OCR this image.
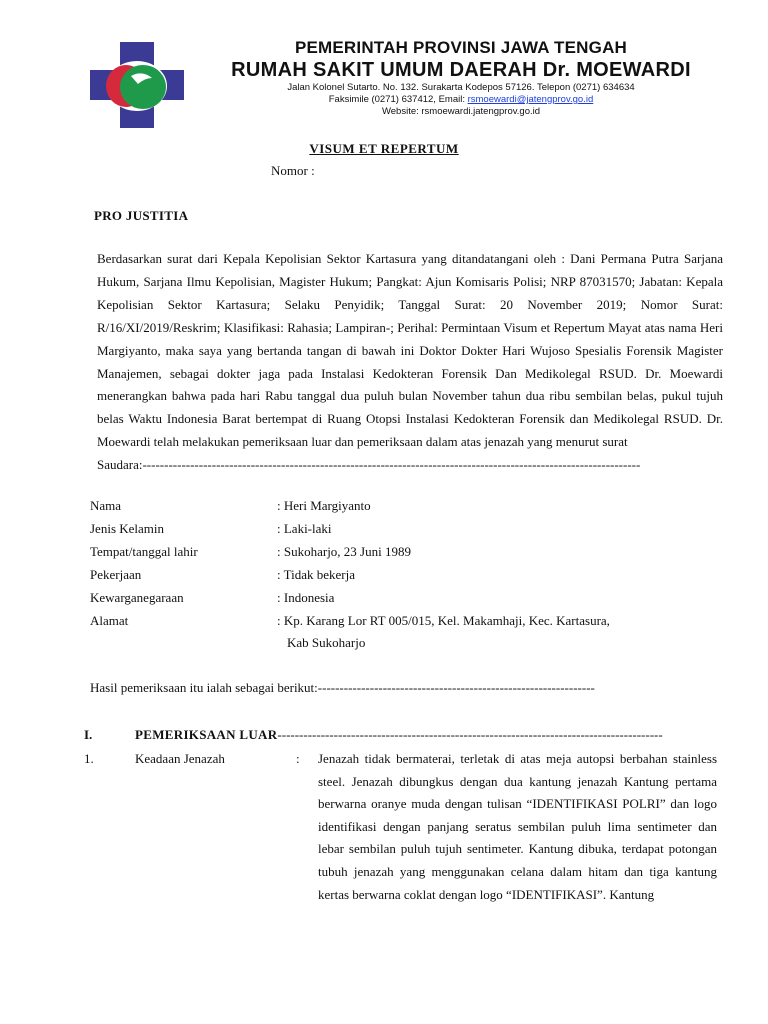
PEMERINTAH PROVINSI JAWA TENGAH
RUMAH SAKIT UMUM DAERAH Dr. MOEWARDI
Jalan Kolonel Sutarto. No. 132. Surakarta Kodepos 57126. Telepon (0271) 634634
Faksimile (0271) 637412, Email: rsmoewardi@jatengprov.go.id
Website: rsmoewardi.jatengprov.go.id
VISUM ET REPERTUM
Nomor :
PRO JUSTITIA
Berdasarkan surat dari Kepala Kepolisian Sektor Kartasura yang ditandatangani oleh : Dani Permana Putra Sarjana Hukum, Sarjana Ilmu Kepolisian, Magister Hukum; Pangkat: Ajun Komisaris Polisi; NRP 87031570; Jabatan: Kepala Kepolisian Sektor Kartasura; Selaku Penyidik; Tanggal Surat: 20 November 2019; Nomor Surat: R/16/XI/2019/Reskrim; Klasifikasi: Rahasia; Lampiran-; Perihal: Permintaan Visum et Repertum Mayat atas nama Heri Margiyanto, maka saya yang bertanda tangan di bawah ini Doktor Dokter Hari Wujoso Spesialis Forensik Magister Manajemen, sebagai dokter jaga pada Instalasi Kedokteran Forensik Dan Medikolegal RSUD. Dr. Moewardi menerangkan bahwa pada hari Rabu tanggal dua puluh bulan November tahun dua ribu sembilan belas, pukul tujuh belas Waktu Indonesia Barat bertempat di Ruang Otopsi Instalasi Kedokteran Forensik dan Medikolegal RSUD. Dr. Moewardi telah melakukan pemeriksaan luar dan pemeriksaan dalam atas jenazah yang menurut surat
Saudara:-------------------------------------------------------------------------------------------------------------------
Nama	: Heri Margiyanto
Jenis Kelamin	: Laki-laki
Tempat/tanggal lahir	: Sukoharjo, 23 Juni 1989
Pekerjaan	: Tidak bekerja
Kewarganegaraan	: Indonesia
Alamat	: Kp. Karang Lor RT 005/015, Kel. Makamhaji, Kec. Kartasura,
Kab Sukoharjo
Hasil pemeriksaan itu ialah sebagai berikut:----------------------------------------------------------------
I.	PEMERIKSAAN LUAR-----------------------------------------------------------------------------------------
1.	Keadaan Jenazah	: Jenazah tidak bermaterai, terletak di atas meja autopsi berbahan stainless steel. Jenazah dibungkus dengan dua kantung jenazah Kantung pertama berwarna oranye muda dengan tulisan “IDENTIFIKASI POLRI” dan logo identifikasi dengan panjang seratus sembilan puluh lima sentimeter dan lebar sembilan puluh tujuh sentimeter. Kantung dibuka, terdapat potongan tubuh jenazah yang menggunakan celana dalam hitam dan tiga kantung kertas berwarna coklat dengan logo “IDENTIFIKASI”. Kantung
